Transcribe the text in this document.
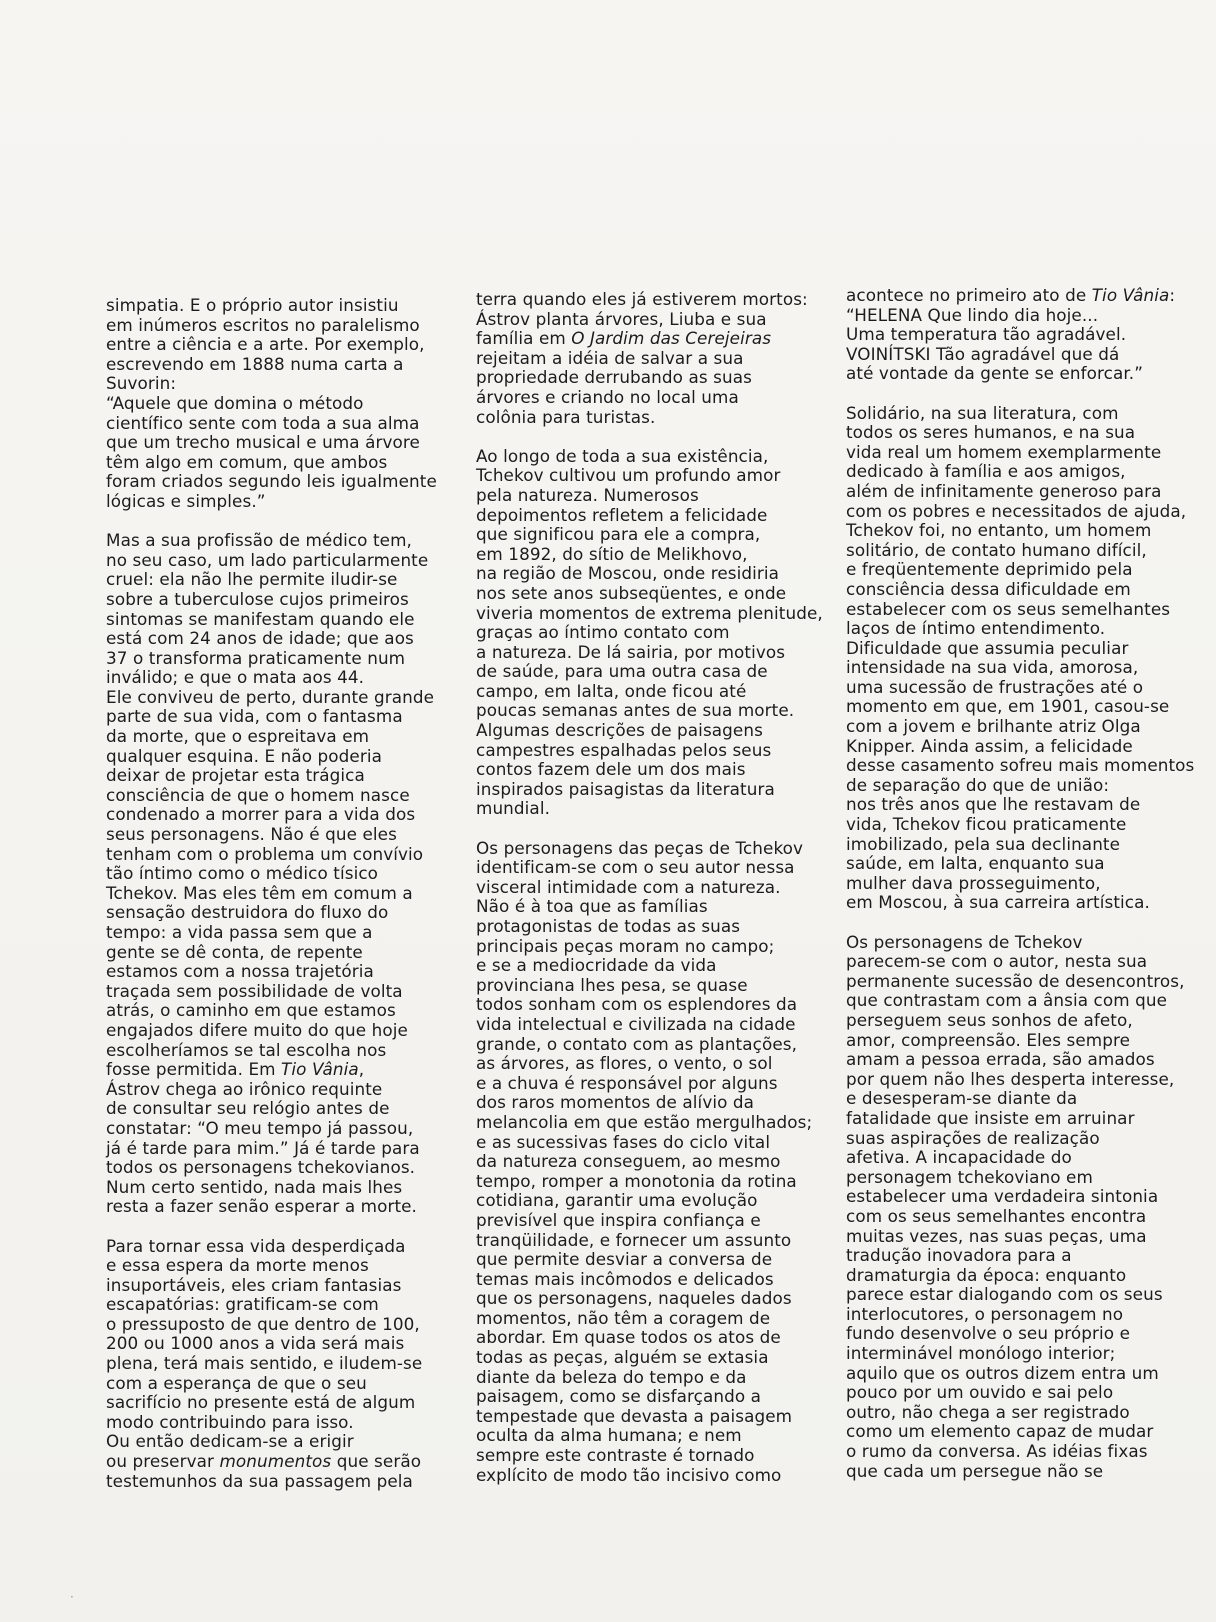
simpatia. E o próprio autor insistiu
em inúmeros escritos no paralelismo
entre a ciência e a arte. Por exemplo,
escrevendo em 1888 numa carta a
Suvorin:
“Aquele que domina o método
científico sente com toda a sua alma
que um trecho musical e uma árvore
têm algo em comum, que ambos
foram criados segundo leis igualmente
lógicas e simples.”
Mas a sua profissão de médico tem,
no seu caso, um lado particularmente
cruel: ela não lhe permite iludir-se
sobre a tuberculose cujos primeiros
sintomas se manifestam quando ele
está com 24 anos de idade; que aos
37 o transforma praticamente num
inválido; e que o mata aos 44.
Ele conviveu de perto, durante grande
parte de sua vida, com o fantasma
da morte, que o espreitava em
qualquer esquina. E não poderia
deixar de projetar esta trágica
consciência de que o homem nasce
condenado a morrer para a vida dos
seus personagens. Não é que eles
tenham com o problema um convívio
tão íntimo como o médico tísico
Tchekov. Mas eles têm em comum a
sensação destruidora do fluxo do
tempo: a vida passa sem que a
gente se dê conta, de repente
estamos com a nossa trajetória
traçada sem possibilidade de volta
atrás, o caminho em que estamos
engajados difere muito do que hoje
escolheríamos se tal escolha nos
fosse permitida. Em Tio Vânia,
Ástrov chega ao irônico requinte
de consultar seu relógio antes de
constatar: “O meu tempo já passou,
já é tarde para mim.” Já é tarde para
todos os personagens tchekovianos.
Num certo sentido, nada mais lhes
resta a fazer senão esperar a morte.
Para tornar essa vida desperdiçada
e essa espera da morte menos
insuportáveis, eles criam fantasias
escapatórias: gratificam-se com
o pressuposto de que dentro de 100,
200 ou 1000 anos a vida será mais
plena, terá mais sentido, e iludem-se
com a esperança de que o seu
sacrifício no presente está de algum
modo contribuindo para isso.
Ou então dedicam-se a erigir
ou preservar monumentos que serão
testemunhos da sua passagem pela
terra quando eles já estiverem mortos:
Ástrov planta árvores, Liuba e sua
família em O Jardim das Cerejeiras
rejeitam a idéia de salvar a sua
propriedade derrubando as suas
árvores e criando no local uma
colônia para turistas.
Ao longo de toda a sua existência,
Tchekov cultivou um profundo amor
pela natureza. Numerosos
depoimentos refletem a felicidade
que significou para ele a compra,
em 1892, do sítio de Melikhovo,
na região de Moscou, onde residiria
nos sete anos subseqüentes, e onde
viveria momentos de extrema plenitude,
graças ao íntimo contato com
a natureza. De lá sairia, por motivos
de saúde, para uma outra casa de
campo, em Ialta, onde ficou até
poucas semanas antes de sua morte.
Algumas descrições de paisagens
campestres espalhadas pelos seus
contos fazem dele um dos mais
inspirados paisagistas da literatura
mundial.
Os personagens das peças de Tchekov
identificam-se com o seu autor nessa
visceral intimidade com a natureza.
Não é à toa que as famílias
protagonistas de todas as suas
principais peças moram no campo;
e se a mediocridade da vida
provinciana lhes pesa, se quase
todos sonham com os esplendores da
vida intelectual e civilizada na cidade
grande, o contato com as plantações,
as árvores, as flores, o vento, o sol
e a chuva é responsável por alguns
dos raros momentos de alívio da
melancolia em que estão mergulhados;
e as sucessivas fases do ciclo vital
da natureza conseguem, ao mesmo
tempo, romper a monotonia da rotina
cotidiana, garantir uma evolução
previsível que inspira confiança e
tranqüilidade, e fornecer um assunto
que permite desviar a conversa de
temas mais incômodos e delicados
que os personagens, naqueles dados
momentos, não têm a coragem de
abordar. Em quase todos os atos de
todas as peças, alguém se extasia
diante da beleza do tempo e da
paisagem, como se disfarçando a
tempestade que devasta a paisagem
oculta da alma humana; e nem
sempre este contraste é tornado
explícito de modo tão incisivo como
acontece no primeiro ato de Tio Vânia:
“HELENA Que lindo dia hoje...
Uma temperatura tão agradável.
VOINÍTSKI Tão agradável que dá
até vontade da gente se enforcar.”
Solidário, na sua literatura, com
todos os seres humanos, e na sua
vida real um homem exemplarmente
dedicado à família e aos amigos,
além de infinitamente generoso para
com os pobres e necessitados de ajuda,
Tchekov foi, no entanto, um homem
solitário, de contato humano difícil,
e freqüentemente deprimido pela
consciência dessa dificuldade em
estabelecer com os seus semelhantes
laços de íntimo entendimento.
Dificuldade que assumia peculiar
intensidade na sua vida, amorosa,
uma sucessão de frustrações até o
momento em que, em 1901, casou-se
com a jovem e brilhante atriz Olga
Knipper. Ainda assim, a felicidade
desse casamento sofreu mais momentos
de separação do que de união:
nos três anos que lhe restavam de
vida, Tchekov ficou praticamente
imobilizado, pela sua declinante
saúde, em Ialta, enquanto sua
mulher dava prosseguimento,
em Moscou, à sua carreira artística.
Os personagens de Tchekov
parecem-se com o autor, nesta sua
permanente sucessão de desencontros,
que contrastam com a ânsia com que
perseguem seus sonhos de afeto,
amor, compreensão. Eles sempre
amam a pessoa errada, são amados
por quem não lhes desperta interesse,
e desesperam-se diante da
fatalidade que insiste em arruinar
suas aspirações de realização
afetiva. A incapacidade do
personagem tchekoviano em
estabelecer uma verdadeira sintonia
com os seus semelhantes encontra
muitas vezes, nas suas peças, uma
tradução inovadora para a
dramaturgia da época: enquanto
parece estar dialogando com os seus
interlocutores, o personagem no
fundo desenvolve o seu próprio e
interminável monólogo interior;
aquilo que os outros dizem entra um
pouco por um ouvido e sai pelo
outro, não chega a ser registrado
como um elemento capaz de mudar
o rumo da conversa. As idéias fixas
que cada um persegue não se
·
